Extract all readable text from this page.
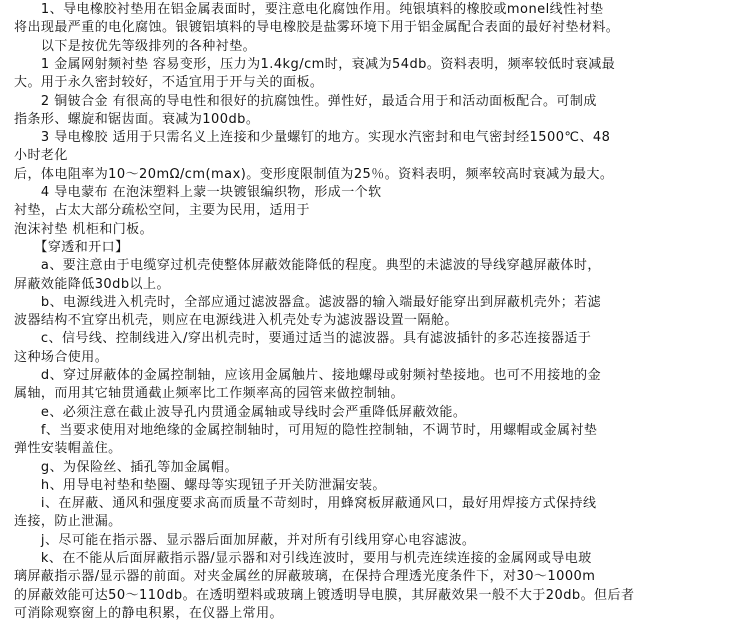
　　1、导电橡胶衬垫用在铝金属表面时，要注意电化腐蚀作用。纯银填料的橡胶或monel线性衬垫
将出现最严重的电化腐蚀。银镀铝填料的导电橡胶是盐雾环境下用于铝金属配合表面的最好衬垫材料。
　　以下是按优先等级排列的各种衬垫。
　　1 金属网射频衬垫 容易变形，压力为1.4kg/cm时，衰减为54db。资料表明，频率较低时衰减最
大。用于永久密封较好，不适宜用于开与关的面板。
　　2 铜铍合金 有很高的导电性和很好的抗腐蚀性。弹性好，最适合用于和活动面板配合。可制成
指条形、螺旋和锯齿面。衰减为100db。
　　3 导电橡胶 适用于只需名义上连接和少量螺钉的地方。实现水汽密封和电气密封经1500℃、48
小时老化
后，体电阻率为10～20mΩ/cm(max)。变形度限制值为25％。资料表明，频率较高时衰减为最大。
　　4 导电蒙布 在泡沫塑料上蒙一块镀银编织物，形成一个软
衬垫，占太大部分疏松空间，主要为民用，适用于
泡沫衬垫 机柜和门板。
　　【穿透和开口】
　　a、要注意由于电缆穿过机壳使整体屏蔽效能降低的程度。典型的未滤波的导线穿越屏蔽体时，
屏蔽效能降低30db以上。
　　b、电源线进入机壳时，全部应通过滤波器盒。滤波器的输入端最好能穿出到屏蔽机壳外；若滤
波器结构不宜穿出机壳，则应在电源线进入机壳处专为滤波器设置一隔舱。
　　c、信号线、控制线进入/穿出机壳时，要通过适当的滤波器。具有滤波插针的多芯连接器适于
这种场合使用。
　　d、穿过屏蔽体的金属控制轴，应该用金属触片、接地螺母或射频衬垫接地。也可不用接地的金
属轴，而用其它轴贯通截止频率比工作频率高的园管来做控制轴。
　　e、必须注意在截止波导孔内贯通金属轴或导线时会严重降低屏蔽效能。
　　f、当要求使用对地绝缘的金属控制轴时，可用短的隐性控制轴，不调节时，用螺帽或金属衬垫
弹性安装帽盖住。
　　g、为保险丝、插孔等加金属帽。
　　h、用导电衬垫和垫圈、螺母等实现钮子开关防泄漏安装。
　　i、在屏蔽、通风和强度要求高而质量不苛刻时，用蜂窝板屏蔽通风口，最好用焊接方式保持线
连接，防止泄漏。
　　j、尽可能在指示器、显示器后面加屏蔽，并对所有引线用穿心电容滤波。
　　k、在不能从后面屏蔽指示器/显示器和对引线连波时，要用与机壳连续连接的金属网或导电玻
璃屏蔽指示器/显示器的前面。对夹金属丝的屏蔽玻璃，在保持合理透光度条件下，对30～1000m
的屏蔽效能可达50～110db。在透明塑料或玻璃上镀透明导电膜，其屏蔽效果一般不大于20db。但后者
可消除观察窗上的静电积累，在仪器上常用。
